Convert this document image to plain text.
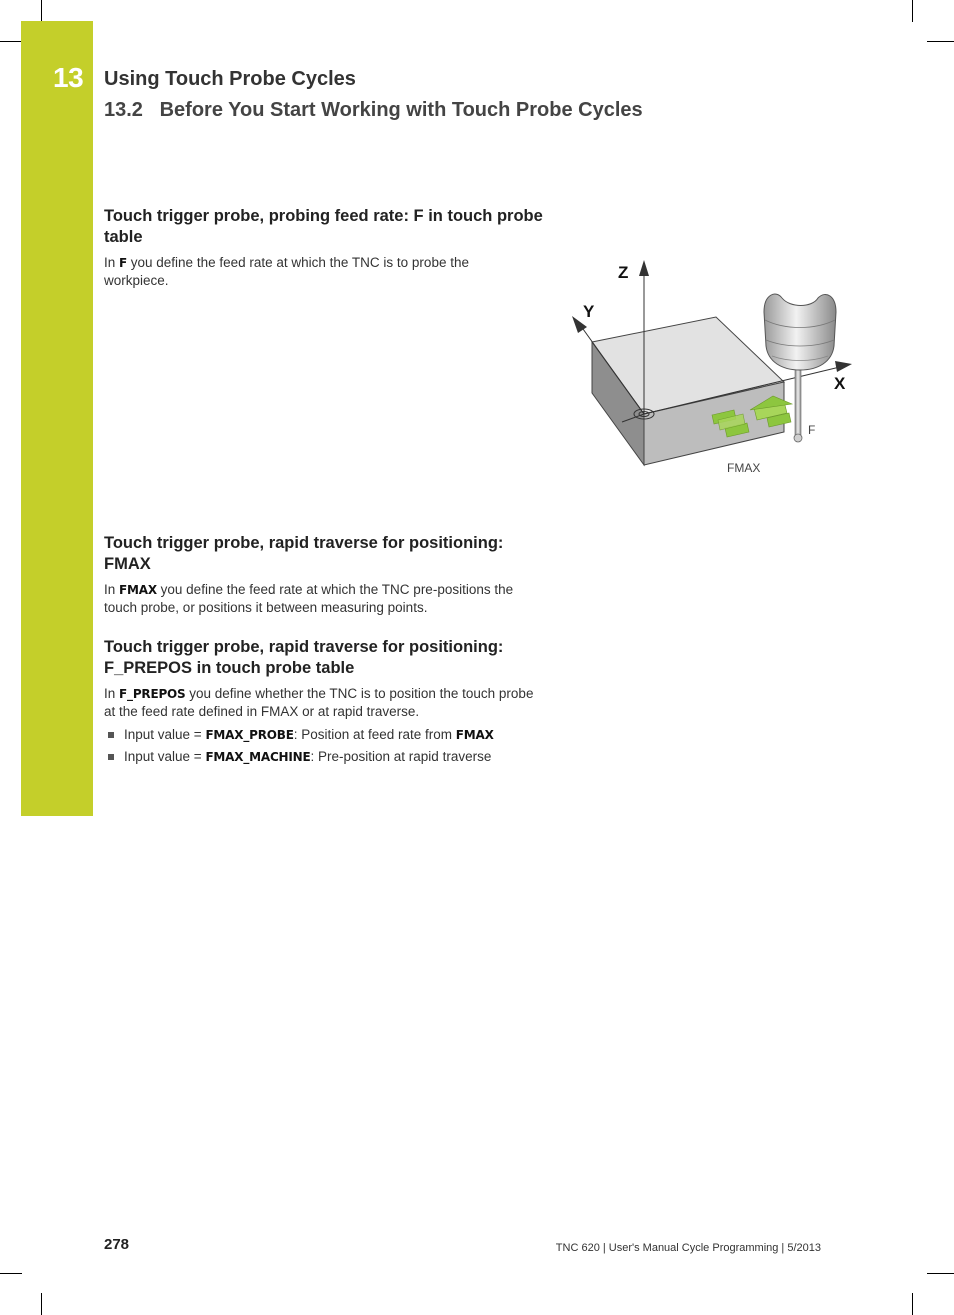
13 Using Touch Probe Cycles
13.2 Before You Start Working with Touch Probe Cycles
Touch trigger probe, probing feed rate: F in touch probe table

In F you define the feed rate at which the TNC is to probe the workpiece.

Touch trigger probe, rapid traverse for positioning: FMAX

In FMAX you define the feed rate at which the TNC pre-positions the touch probe, or positions it between measuring points.

Touch trigger probe, rapid traverse for positioning: F_PREPOS in touch probe table

In F_PREPOS you define whether the TNC is to position the touch probe at the feed rate defined in FMAX or at rapid traverse.

Input value = FMAX_PROBE: Position at feed rate from FMAX
Input value = FMAX_MACHINE: Pre-position at rapid traverse
Z
Y
X
F
FMAX
278	TNC 620 | User's Manual Cycle Programming | 5/2013
